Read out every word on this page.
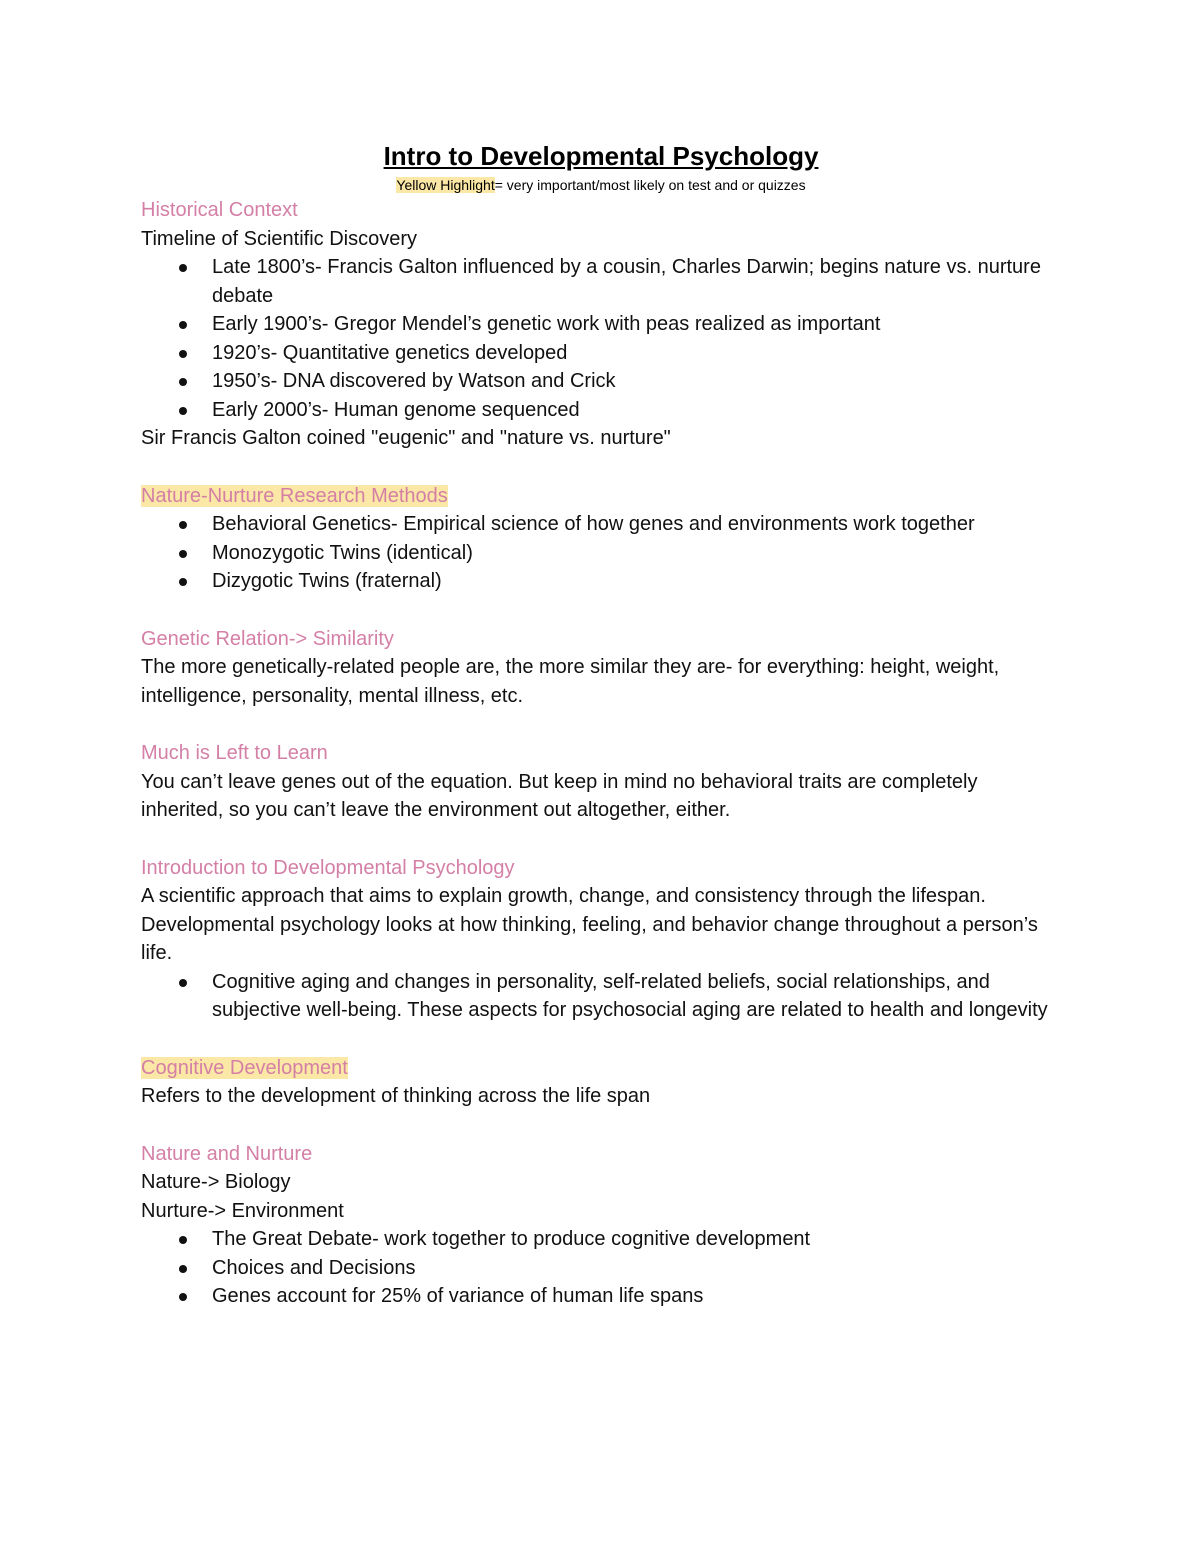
Intro to Developmental Psychology

Yellow Highlight= very important/most likely on test and or quizzes

Historical Context

Timeline of Scientific Discovery

Late 1800’s- Francis Galton influenced by a cousin, Charles Darwin; begins nature vs. nurture debate
Early 1900’s- Gregor Mendel’s genetic work with peas realized as important
1920’s- Quantitative genetics developed
1950’s- DNA discovered by Watson and Crick
Early 2000’s- Human genome sequenced

Sir Francis Galton coined "eugenic" and "nature vs. nurture"

Nature-Nurture Research Methods

Behavioral Genetics- Empirical science of how genes and environments work together
Monozygotic Twins (identical)
Dizygotic Twins (fraternal)

Genetic Relation-> Similarity

The more genetically-related people are, the more similar they are- for everything: height, weight, intelligence, personality, mental illness, etc.

Much is Left to Learn

You can’t leave genes out of the equation. But keep in mind no behavioral traits are completely inherited, so you can’t leave the environment out altogether, either.

Introduction to Developmental Psychology

A scientific approach that aims to explain growth, change, and consistency through the lifespan. Developmental psychology looks at how thinking, feeling, and behavior change throughout a person’s life.

Cognitive aging and changes in personality, self-related beliefs, social relationships, and subjective well-being. These aspects for psychosocial aging are related to health and longevity

Cognitive Development

Refers to the development of thinking across the life span

Nature and Nurture

Nature-> Biology

Nurture-> Environment

The Great Debate- work together to produce cognitive development
Choices and Decisions
Genes account for 25% of variance of human life spans
